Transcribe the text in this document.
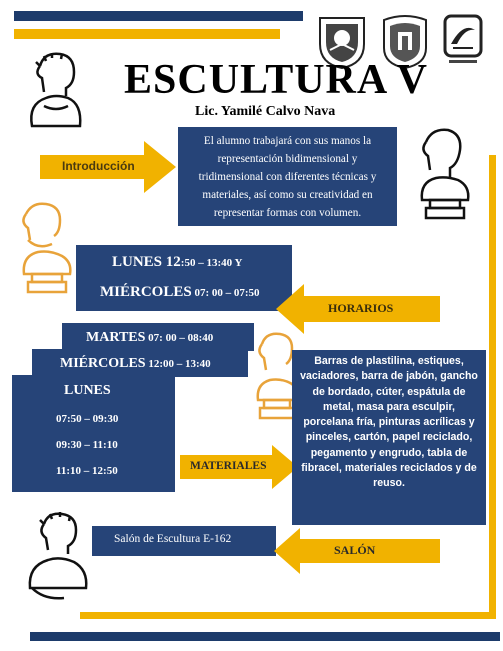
ESCULTURA V
Lic. Yamilé Calvo Nava
Introducción
El alumno trabajará con sus manos la representación bidimensional y tridimensional con diferentes técnicas y materiales, así como su creatividad en representar formas con volumen.
LUNES 12:50 – 13:40 Y
MIÉRCOLES 07: 00 – 07:50
HORARIOS
MARTES 07: 00 – 08:40
MIÉRCOLES 12:00 – 13:40
LUNES
07:50 – 09:30
09:30 – 11:10
11:10 – 12:50	MATERIALES
Barras de plastilina, estiques, vaciadores, barra de jabón, gancho de bordado, cúter, espátula de metal, masa para esculpir, porcelana fría, pinturas acrílicas y pinceles, cartón, papel reciclado, pegamento y engrudo, tabla de fibracel, materiales reciclados y de reuso.
Salón de Escultura E-162
SALÓN
